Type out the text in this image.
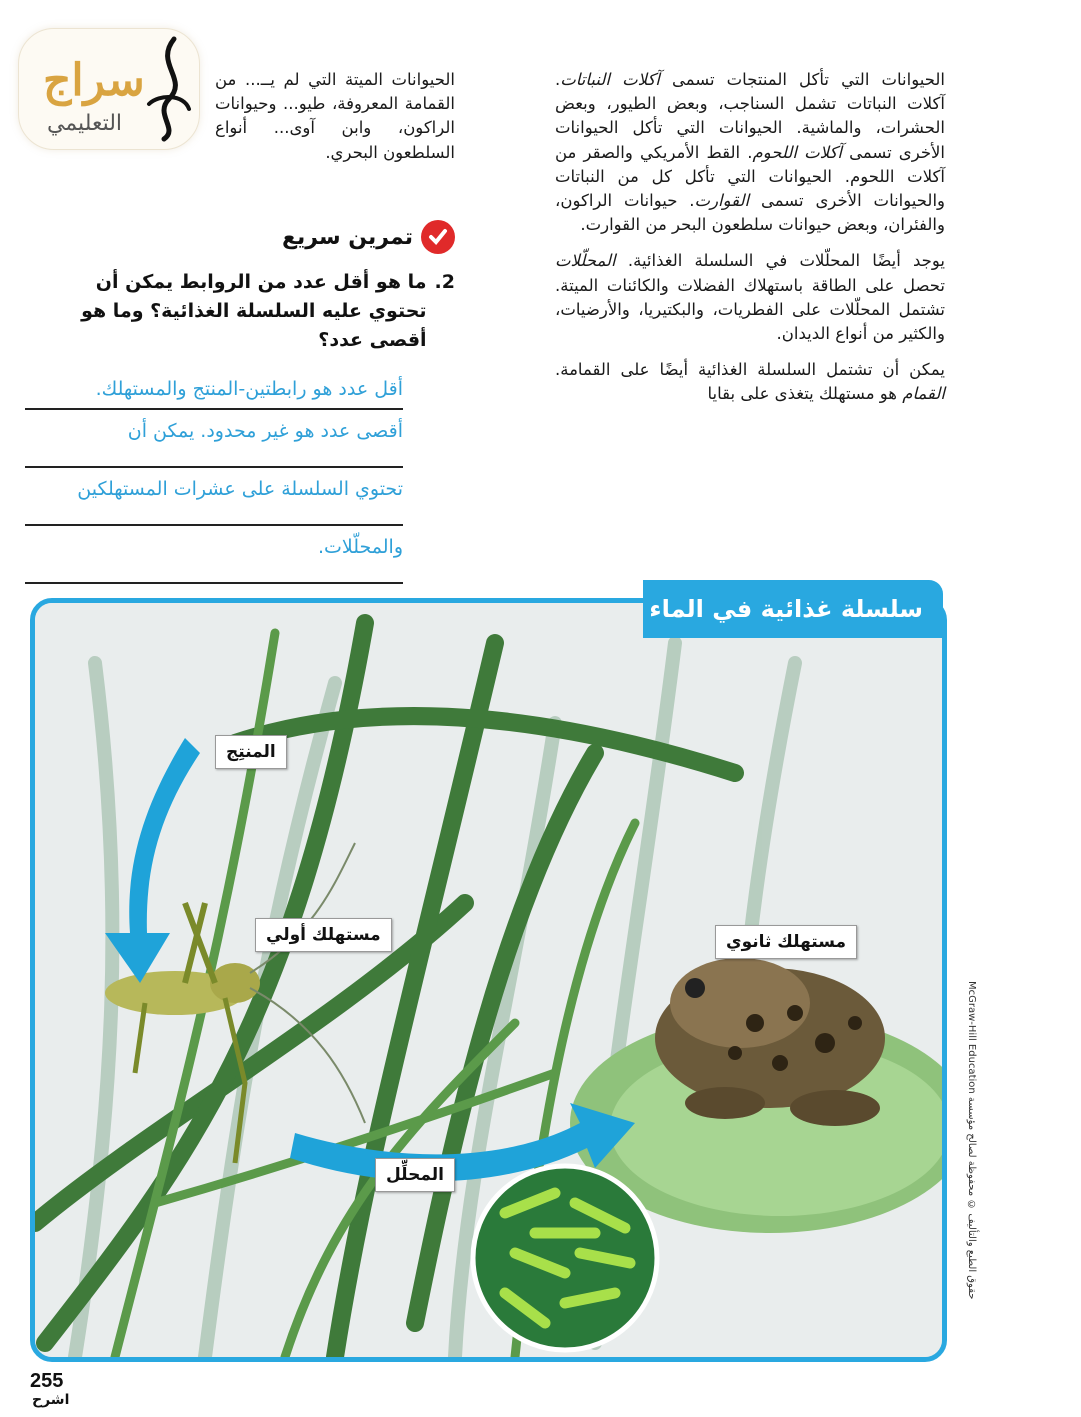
سراج
التعليمي

الحيوانات التي تأكل المنتجات تسمى آكلات النباتات. آكلات النباتات تشمل السناجب، وبعض الطيور، وبعض الحشرات، والماشية. الحيوانات التي تأكل الحيوانات الأخرى تسمى آكلات اللحوم. القط الأمريكي والصقر من آكلات اللحوم. الحيوانات التي تأكل كل من النباتات والحيوانات الأخرى تسمى القوارت. حيوانات الراكون، والفئران، وبعض حيوانات سلطعون البحر من القوارت.

يوجد أيضًا المحلّلات في السلسلة الغذائية. المحلّلات تحصل على الطاقة باستهلاك الفضلات والكائنات الميتة. تشتمل المحلّلات على الفطريات، والبكتيريا، والأرضيات، والكثير من أنواع الديدان.

يمكن أن تشتمل السلسلة الغذائية أيضًا على القمامة. القمام هو مستهلك يتغذى على بقايا

الحيوانات الميتة التي لم يــ... من القمامة المعروفة، طيو... وحيوانات الراكون، وابن آوى... أنواع السلطعون البحري.

تمرين سريع
2.
ما هو أقل عدد من الروابط يمكن أن تحتوي عليه السلسلة الغذائية؟ وما هو أقصى عدد؟
أقل عدد هو رابطتين-المنتج والمستهلك.
أقصى عدد هو غير محدود. يمكن أن
تحتوي السلسلة على عشرات المستهلكين
والمحلّلات.
المنتِج
مستهلك أولي	مستهلك ثانوي
المحلِّل
سلسلة غذائية في الماء
حقوق الطبع والتأليف © محفوظة لصالح مؤسسة McGraw-Hill Education
255
اشرح
